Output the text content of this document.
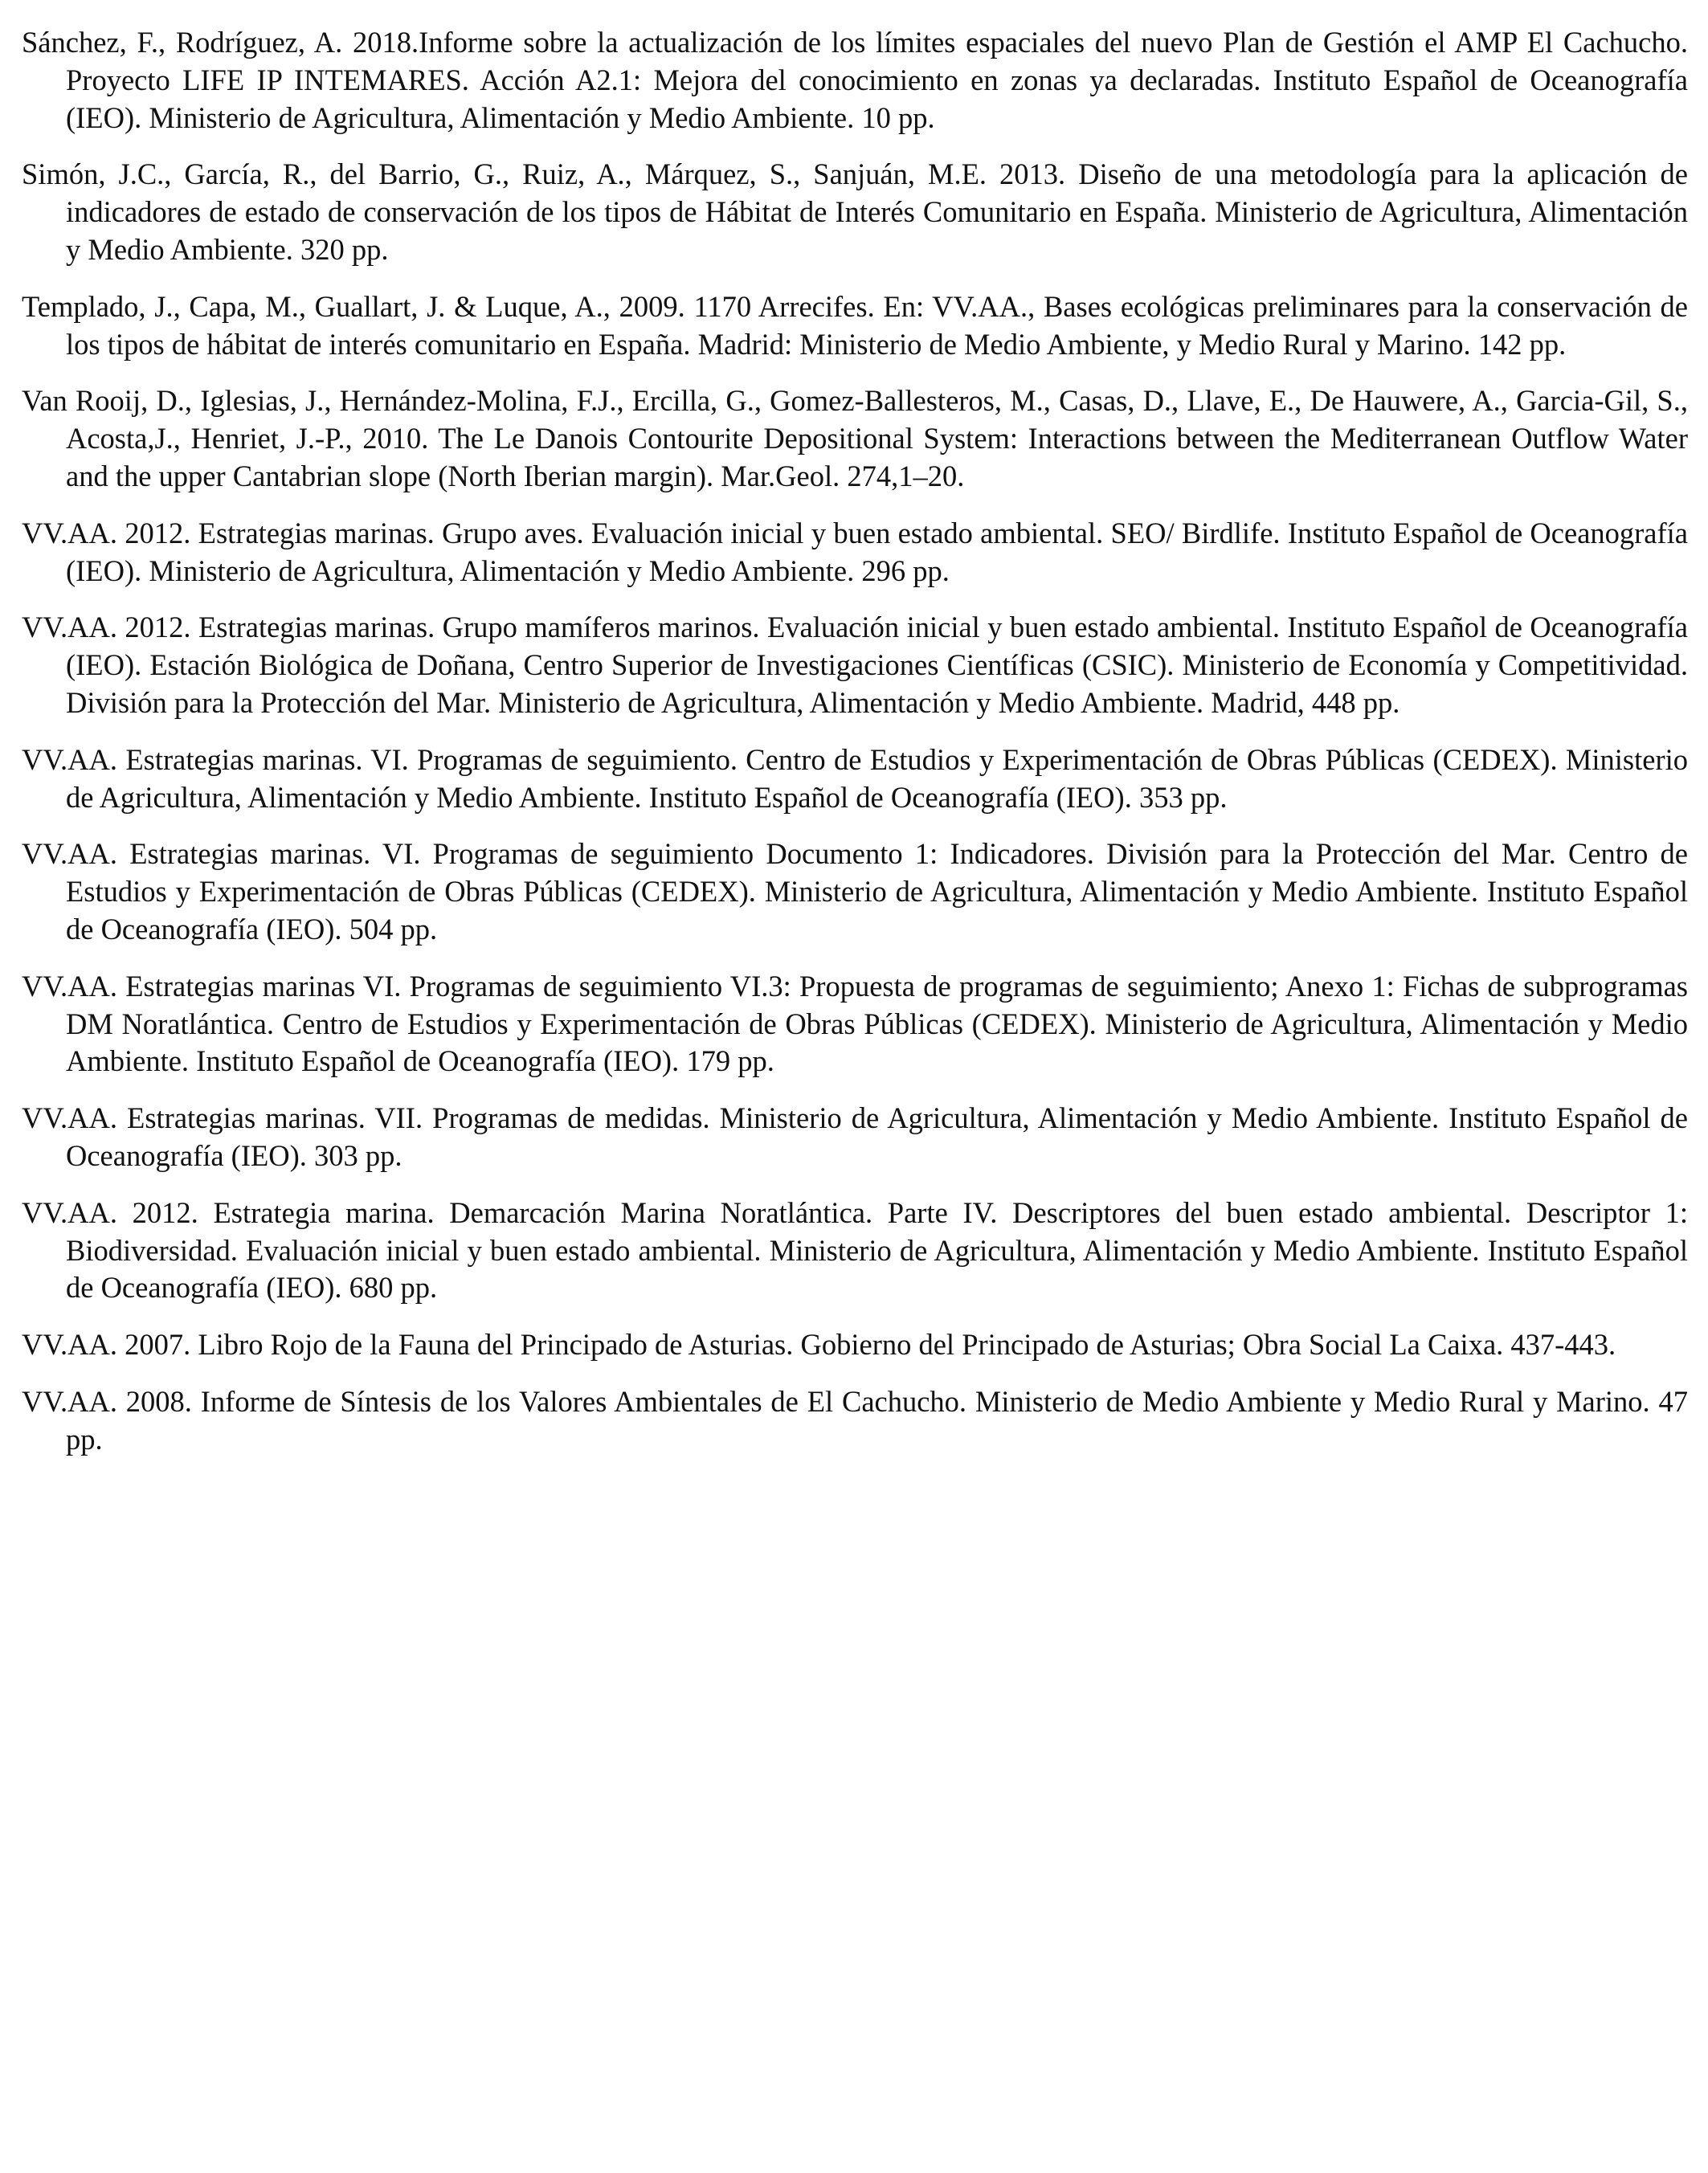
Sánchez, F., Rodríguez, A. 2018.Informe sobre la actualización de los límites espaciales del nuevo Plan de Gestión el AMP El Cachucho. Proyecto LIFE IP INTEMARES. Acción A2.1: Mejora del conocimiento en zonas ya declaradas. Instituto Español de Oceanografía (IEO). Ministerio de Agricultura, Alimentación y Medio Ambiente. 10 pp.

Simón, J.C., García, R., del Barrio, G., Ruiz, A., Márquez, S., Sanjuán, M.E. 2013. Diseño de una metodología para la aplicación de indicadores de estado de conservación de los tipos de Hábitat de Interés Comunitario en España. Ministerio de Agricultura, Alimentación y Medio Ambiente. 320 pp.

Templado, J., Capa, M., Guallart, J. & Luque, A., 2009. 1170 Arrecifes. En: VV.AA., Bases ecológicas preliminares para la conservación de los tipos de hábitat de interés comunitario en España. Madrid: Ministerio de Medio Ambiente, y Medio Rural y Marino. 142 pp.

Van Rooij, D., Iglesias, J., Hernández-Molina, F.J., Ercilla, G., Gomez-Ballesteros, M., Casas, D., Llave, E., De Hauwere, A., Garcia-Gil, S., Acosta,J., Henriet, J.-P., 2010. The Le Danois Contourite Depositional System: Interactions between the Mediterranean Outflow Water and the upper Cantabrian slope (North Iberian margin). Mar.Geol. 274,1–20.

VV.AA. 2012. Estrategias marinas. Grupo aves. Evaluación inicial y buen estado ambiental. SEO/ Birdlife. Instituto Español de Oceanografía (IEO). Ministerio de Agricultura, Alimentación y Medio Ambiente. 296 pp.

VV.AA. 2012. Estrategias marinas. Grupo mamíferos marinos. Evaluación inicial y buen estado ambiental. Instituto Español de Oceanografía (IEO). Estación Biológica de Doñana, Centro Superior de Investigaciones Científicas (CSIC). Ministerio de Economía y Competitividad. División para la Protección del Mar. Ministerio de Agricultura, Alimentación y Medio Ambiente. Madrid, 448 pp.

VV.AA. Estrategias marinas. VI. Programas de seguimiento. Centro de Estudios y Experimentación de Obras Públicas (CEDEX). Ministerio de Agricultura, Alimentación y Medio Ambiente. Instituto Español de Oceanografía (IEO). 353 pp.

VV.AA. Estrategias marinas. VI. Programas de seguimiento Documento 1: Indicadores. División para la Protección del Mar. Centro de Estudios y Experimentación de Obras Públicas (CEDEX). Ministerio de Agricultura, Alimentación y Medio Ambiente. Instituto Español de Oceanografía (IEO). 504 pp.

VV.AA. Estrategias marinas VI. Programas de seguimiento VI.3: Propuesta de programas de seguimiento; Anexo 1: Fichas de subprogramas DM Noratlántica. Centro de Estudios y Experimentación de Obras Públicas (CEDEX). Ministerio de Agricultura, Alimentación y Medio Ambiente. Instituto Español de Oceanografía (IEO). 179 pp.

VV.AA. Estrategias marinas. VII. Programas de medidas. Ministerio de Agricultura, Alimentación y Medio Ambiente. Instituto Español de Oceanografía (IEO). 303 pp.

VV.AA. 2012. Estrategia marina. Demarcación Marina Noratlántica. Parte IV. Descriptores del buen estado ambiental. Descriptor 1: Biodiversidad. Evaluación inicial y buen estado ambiental. Ministerio de Agricultura, Alimentación y Medio Ambiente. Instituto Español de Oceanografía (IEO). 680 pp.

VV.AA. 2007. Libro Rojo de la Fauna del Principado de Asturias. Gobierno del Principado de Asturias; Obra Social La Caixa. 437-443.

VV.AA. 2008. Informe de Síntesis de los Valores Ambientales de El Cachucho. Ministerio de Medio Ambiente y Medio Rural y Marino. 47 pp.
